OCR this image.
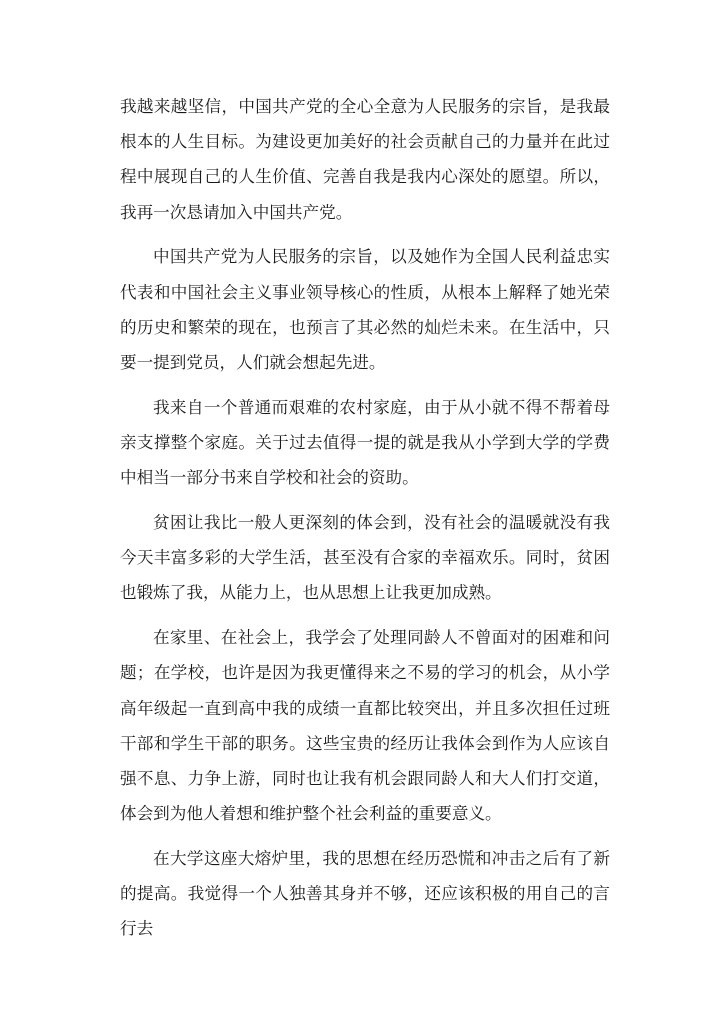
我越来越坚信，中国共产党的全心全意为人民服务的宗旨，是我最根本的人生目标。为建设更加美好的社会贡献自己的力量并在此过程中展现自己的人生价值、完善自我是我内心深处的愿望。所以，我再一次恳请加入中国共产党。

中国共产党为人民服务的宗旨，以及她作为全国人民利益忠实代表和中国社会主义事业领导核心的性质，从根本上解释了她光荣的历史和繁荣的现在，也预言了其必然的灿烂未来。在生活中，只要一提到党员，人们就会想起先进。

我来自一个普通而艰难的农村家庭，由于从小就不得不帮着母亲支撑整个家庭。关于过去值得一提的就是我从小学到大学的学费中相当一部分书来自学校和社会的资助。

贫困让我比一般人更深刻的体会到，没有社会的温暖就没有我今天丰富多彩的大学生活，甚至没有合家的幸福欢乐。同时，贫困也锻炼了我，从能力上，也从思想上让我更加成熟。

在家里、在社会上，我学会了处理同龄人不曾面对的困难和问题；在学校，也许是因为我更懂得来之不易的学习的机会，从小学高年级起一直到高中我的成绩一直都比较突出，并且多次担任过班干部和学生干部的职务。这些宝贵的经历让我体会到作为人应该自强不息、力争上游，同时也让我有机会跟同龄人和大人们打交道，体会到为他人着想和维护整个社会利益的重要意义。

在大学这座大熔炉里，我的思想在经历恐慌和冲击之后有了新的提高。我觉得一个人独善其身并不够，还应该积极的用自己的言行去
